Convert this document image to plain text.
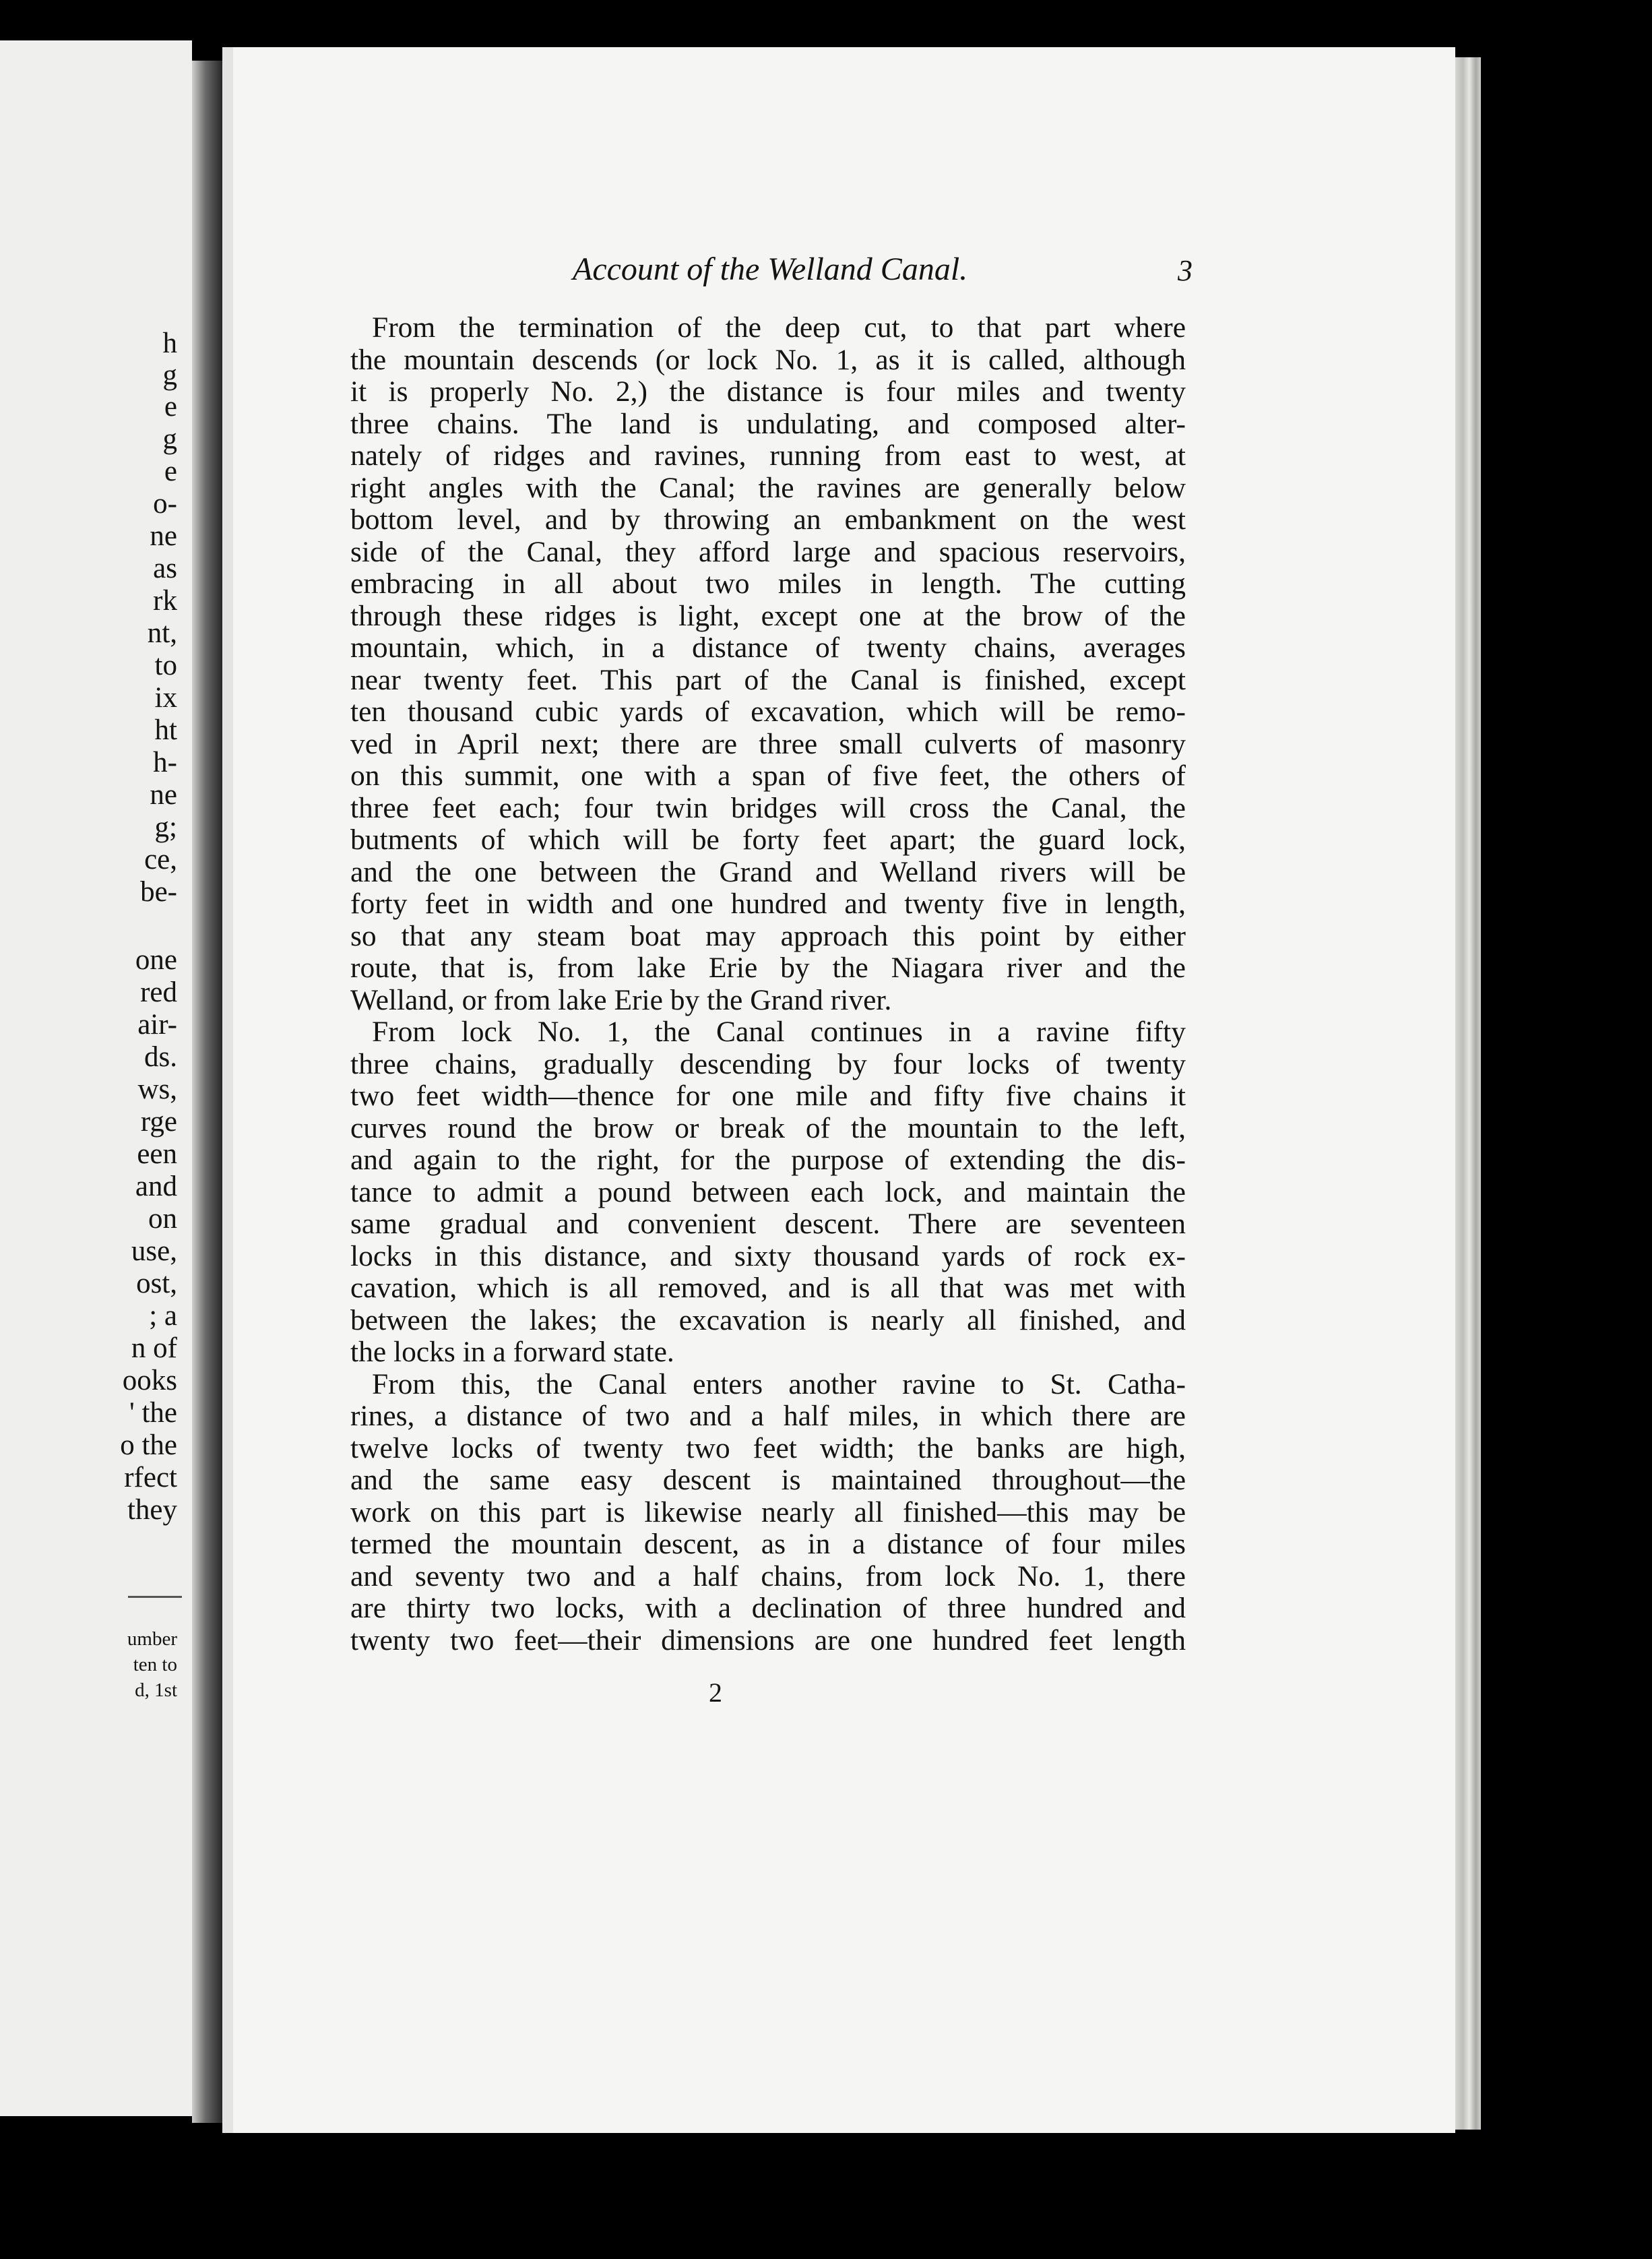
h
g
e
g
e
o-
ne
as
rk
nt,
to
ix
ht
h-
ne
g;
ce,
be-
one
red
air-
ds.
ws,
rge
een
and
on
use,
ost,
; a
n of
ooks
' the
o the
rfect
they
umber
ten to
d, 1st
Account of the Welland Canal.	3
From the termination of the deep cut, to that part where
the mountain descends (or lock No. 1, as it is called, although
it is properly No. 2,) the distance is four miles and twenty
three chains. The land is undulating, and composed alter-
nately of ridges and ravines, running from east to west, at
right angles with the Canal; the ravines are generally below
bottom level, and by throwing an embankment on the west
side of the Canal, they afford large and spacious reservoirs,
embracing in all about two miles in length. The cutting
through these ridges is light, except one at the brow of the
mountain, which, in a distance of twenty chains, averages
near twenty feet. This part of the Canal is finished, except
ten thousand cubic yards of excavation, which will be remo-
ved in April next; there are three small culverts of masonry
on this summit, one with a span of five feet, the others of
three feet each; four twin bridges will cross the Canal, the
butments of which will be forty feet apart; the guard lock,
and the one between the Grand and Welland rivers will be
forty feet in width and one hundred and twenty five in length,
so that any steam boat may approach this point by either
route, that is, from lake Erie by the Niagara river and the
Welland, or from lake Erie by the Grand river.
From lock No. 1, the Canal continues in a ravine fifty
three chains, gradually descending by four locks of twenty
two feet width—thence for one mile and fifty five chains it
curves round the brow or break of the mountain to the left,
and again to the right, for the purpose of extending the dis-
tance to admit a pound between each lock, and maintain the
same gradual and convenient descent. There are seventeen
locks in this distance, and sixty thousand yards of rock ex-
cavation, which is all removed, and is all that was met with
between the lakes; the excavation is nearly all finished, and
the locks in a forward state.
From this, the Canal enters another ravine to St. Catha-
rines, a distance of two and a half miles, in which there are
twelve locks of twenty two feet width; the banks are high,
and the same easy descent is maintained throughout—the
work on this part is likewise nearly all finished—this may be
termed the mountain descent, as in a distance of four miles
and seventy two and a half chains, from lock No. 1, there
are thirty two locks, with a declination of three hundred and
twenty two feet—their dimensions are one hundred feet length
2
